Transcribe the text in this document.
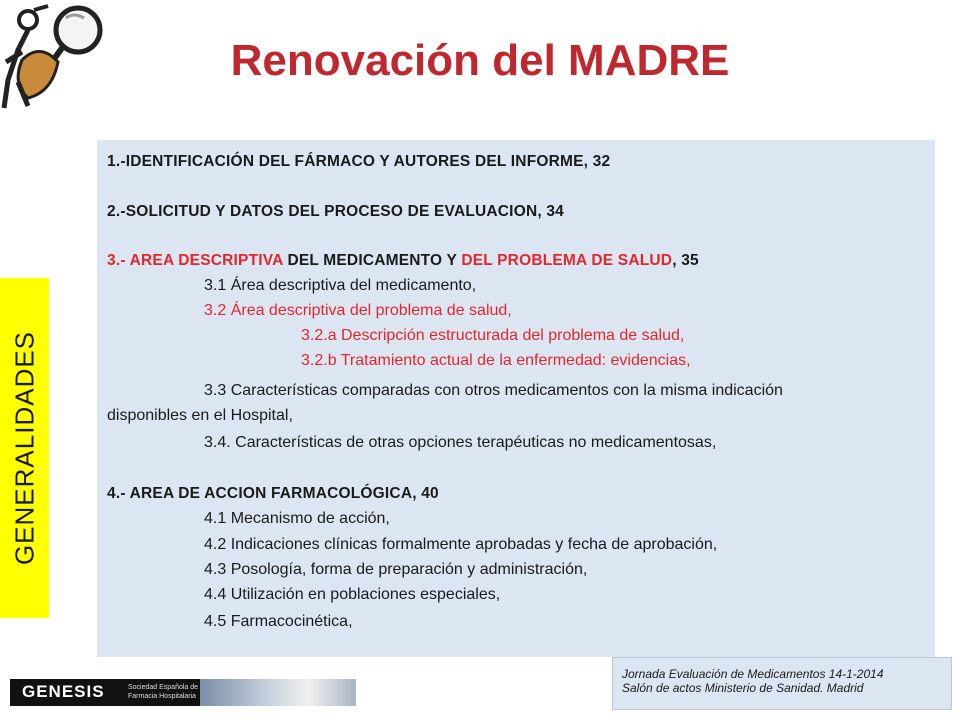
Renovación del MADRE
GENERALIDADES
1.-IDENTIFICACIÓN DEL FÁRMACO Y AUTORES DEL INFORME, 32
2.-SOLICITUD Y DATOS DEL PROCESO DE EVALUACION, 34
3.- AREA DESCRIPTIVA DEL MEDICAMENTO Y DEL PROBLEMA DE SALUD, 35
3.1 Área descriptiva del medicamento,
3.2 Área descriptiva del problema de salud,
3.2.a Descripción estructurada del problema de salud,
3.2.b Tratamiento actual de la enfermedad: evidencias,
3.3 Características comparadas con otros medicamentos con la misma indicación
disponibles en el Hospital,
3.4. Características de otras opciones terapéuticas no medicamentosas,
4.- AREA DE ACCION FARMACOLÓGICA, 40
4.1 Mecanismo de acción,
4.2 Indicaciones clínicas formalmente aprobadas y fecha de aprobación,
4.3 Posología, forma de preparación y administración,
4.4 Utilización en poblaciones especiales,
4.5 Farmacocinética,
GENESIS	Sociedad Española de
Farmacia Hospitalaria
Jornada Evaluación de Medicamentos 14-1-2014
Salón de actos Ministerio de Sanidad. Madrid
